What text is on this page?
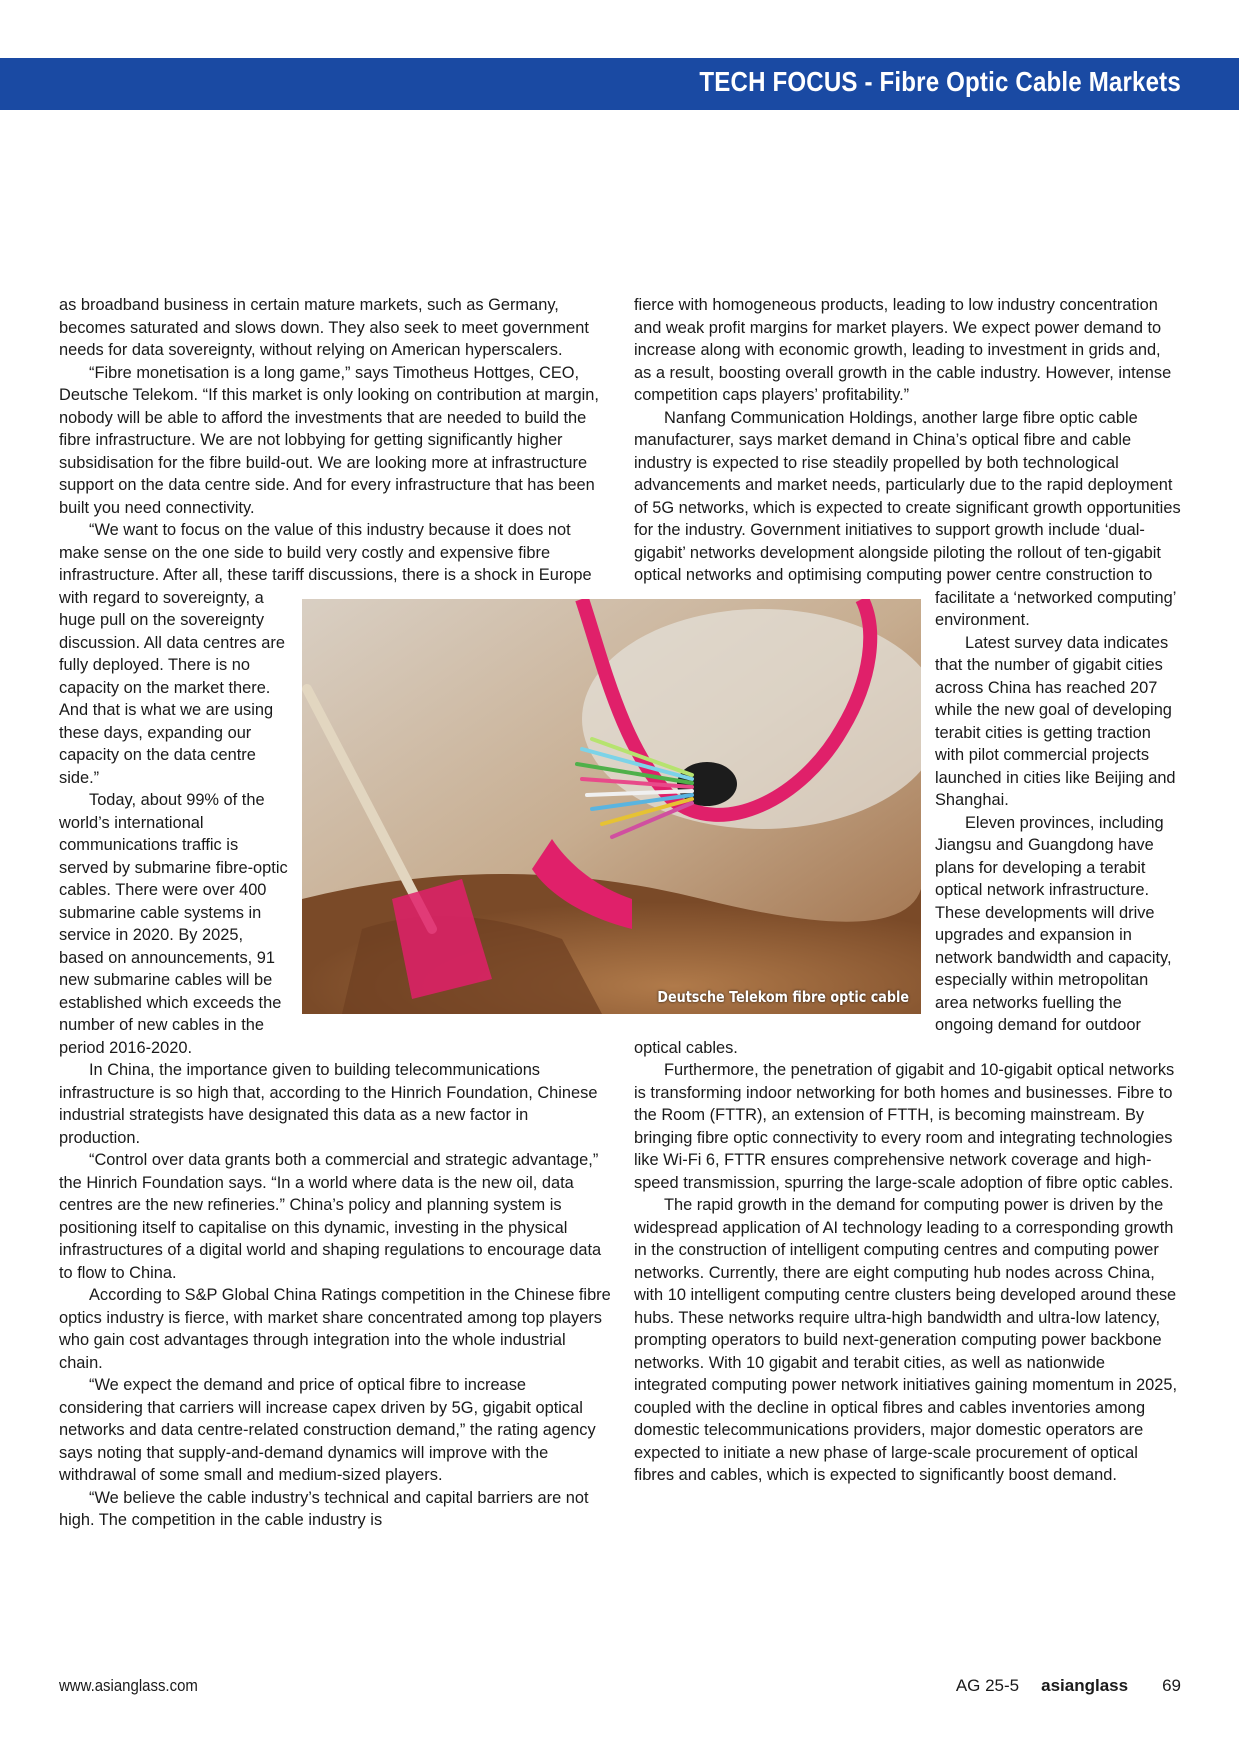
TECH FOCUS - Fibre Optic Cable Markets

as broadband business in certain mature markets, such as Germany, becomes saturated and slows down. They also seek to meet government needs for data sovereignty, without relying on American hyperscalers.

“Fibre monetisation is a long game,” says Timotheus Hottges, CEO, Deutsche Telekom. “If this market is only looking on contribution at margin, nobody will be able to afford the investments that are needed to build the fibre infrastructure. We are not lobbying for getting significantly higher subsidisation for the fibre build-out. We are looking more at infrastructure support on the data centre side. And for every infrastructure that has been built you need connectivity.

“We want to focus on the value of this industry because it does not make sense on the one side to build very costly and expensive fibre infrastructure. After all, these tariff discussions, there is a shock in Europe with regard to sovereignty, a huge pull on the sovereignty discussion. All data centres are fully deployed. There is no capacity on the market there. And that is what we are using these days, expanding our capacity on the data centre side.”

Today, about 99% of the world’s international communications traffic is served by submarine fibre-optic cables. There were over 400 submarine cable systems in service in 2020. By 2025, based on announcements, 91 new submarine cables will be established which exceeds the number of new cables in the period 2016-2020.

In China, the importance given to building telecommunications infrastructure is so high that, according to the Hinrich Foundation, Chinese industrial strategists have designated this data as a new factor in production.

“Control over data grants both a commercial and strategic advantage,” the Hinrich Foundation says. “In a world where data is the new oil, data centres are the new refineries.” China’s policy and planning system is positioning itself to capitalise on this dynamic, investing in the physical infrastructures of a digital world and shaping regulations to encourage data to flow to China.

According to S&P Global China Ratings competition in the Chinese fibre optics industry is fierce, with market share concentrated among top players who gain cost advantages through integration into the whole industrial chain.

“We expect the demand and price of optical fibre to increase considering that carriers will increase capex driven by 5G, gigabit optical networks and data centre-related construction demand,” the rating agency says noting that supply-and-demand dynamics will improve with the withdrawal of some small and medium-sized players.

“We believe the cable industry’s technical and capital barriers are not high. The competition in the cable industry is

fierce with homogeneous products, leading to low industry concentration and weak profit margins for market players. We expect power demand to increase along with economic growth, leading to investment in grids and, as a result, boosting overall growth in the cable industry. However, intense competition caps players’ profitability.”

Nanfang Communication Holdings, another large fibre optic cable manufacturer, says market demand in China’s optical fibre and cable industry is expected to rise steadily propelled by both technological advancements and market needs, particularly due to the rapid deployment of 5G networks, which is expected to create significant growth opportunities for the industry. Government initiatives to support growth include ‘dual-gigabit’ networks development alongside piloting the rollout of ten-gigabit optical networks and optimising computing power centre construction to facilitate a ‘networked computing’ environment.

Latest survey data indicates that the number of gigabit cities across China has reached 207 while the new goal of developing terabit cities is getting traction with pilot commercial projects launched in cities like Beijing and Shanghai.

Eleven provinces, including Jiangsu and Guangdong have plans for developing a terabit optical network infrastructure. These developments will drive upgrades and expansion in network bandwidth and capacity, especially within metropolitan area networks fuelling the ongoing demand for outdoor optical cables.

Furthermore, the penetration of gigabit and 10-gigabit optical networks is transforming indoor networking for both homes and businesses. Fibre to the Room (FTTR), an extension of FTTH, is becoming mainstream. By bringing fibre optic connectivity to every room and integrating technologies like Wi-Fi 6, FTTR ensures comprehensive network coverage and high-speed transmission, spurring the large-scale adoption of fibre optic cables.

The rapid growth in the demand for computing power is driven by the widespread application of AI technology leading to a corresponding growth in the construction of intelligent computing centres and computing power networks. Currently, there are eight computing hub nodes across China, with 10 intelligent computing centre clusters being developed around these hubs. These networks require ultra-high bandwidth and ultra-low latency, prompting operators to build next-generation computing power backbone networks. With 10 gigabit and terabit cities, as well as nationwide integrated computing power network initiatives gaining momentum in 2025, coupled with the decline in optical fibres and cables inventories among domestic telecommunications providers, major domestic operators are expected to initiate a new phase of large-scale procurement of optical fibres and cables, which is expected to significantly boost demand.

Deutsche Telekom fibre optic cable
www.asianglass.com	AG 25-5 asianglass 69
